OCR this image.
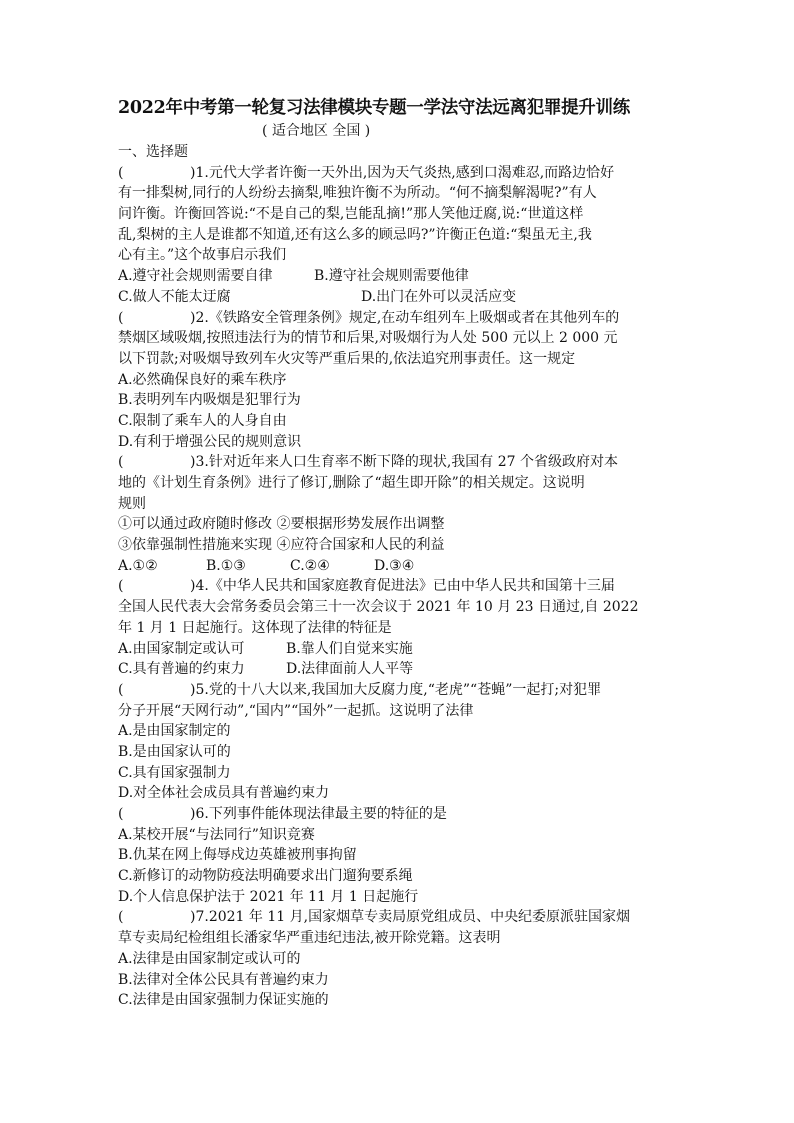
2022年中考第一轮复习法律模块专题一学法守法远离犯罪提升训练
( 适合地区 全国 )
一、选择题
(	)1.元代大学者许衡一天外出,因为天气炎热,感到口渴难忍,而路边恰好
有一排梨树,同行的人纷纷去摘梨,唯独许衡不为所动。“何不摘梨解渴呢?”有人
问许衡。许衡回答说:“不是自己的梨,岂能乱摘!”那人笑他迂腐,说:“世道这样
乱,梨树的主人是谁都不知道,还有这么多的顾忌吗?”许衡正色道:“梨虽无主,我
心有主。”这个故事启示我们
A.遵守社会规则需要自律	B.遵守社会规则需要他律
C.做人不能太迂腐	D.出门在外可以灵活应变
(	)2.《铁路安全管理条例》规定,在动车组列车上吸烟或者在其他列车的
禁烟区域吸烟,按照违法行为的情节和后果,对吸烟行为人处 500 元以上 2 000 元
以下罚款;对吸烟导致列车火灾等严重后果的,依法追究刑事责任。这一规定
A.必然确保良好的乘车秩序
B.表明列车内吸烟是犯罪行为
C.限制了乘车人的人身自由
D.有利于增强公民的规则意识
(	)3.针对近年来人口生育率不断下降的现状,我国有 27 个省级政府对本
地的《计划生育条例》进行了修订,删除了“超生即开除”的相关规定。这说明
规则
①可以通过政府随时修改 ②要根据形势发展作出调整
③依靠强制性措施来实现 ④应符合国家和人民的利益
A.①②	B.①③	C.②④	D.③④
(	)4.《中华人民共和国家庭教育促进法》已由中华人民共和国第十三届
全国人民代表大会常务委员会第三十一次会议于 2021 年 10 月 23 日通过,自 2022
年 1 月 1 日起施行。这体现了法律的特征是
A.由国家制定或认可	B.靠人们自觉来实施
C.具有普遍的约束力	D.法律面前人人平等
(	)5.党的十八大以来,我国加大反腐力度,“老虎”“苍蝇”一起打;对犯罪
分子开展“天网行动”,“国内”“国外”一起抓。这说明了法律
A.是由国家制定的
B.是由国家认可的
C.具有国家强制力
D.对全体社会成员具有普遍约束力
(	)6.下列事件能体现法律最主要的特征的是
A.某校开展“与法同行”知识竞赛
B.仇某在网上侮辱戍边英雄被刑事拘留
C.新修订的动物防疫法明确要求出门遛狗要系绳
D.个人信息保护法于 2021 年 11 月 1 日起施行
(	)7.2021 年 11 月,国家烟草专卖局原党组成员、中央纪委原派驻国家烟
草专卖局纪检组组长潘家华严重违纪违法,被开除党籍。这表明
A.法律是由国家制定或认可的
B.法律对全体公民具有普遍约束力
C.法律是由国家强制力保证实施的
